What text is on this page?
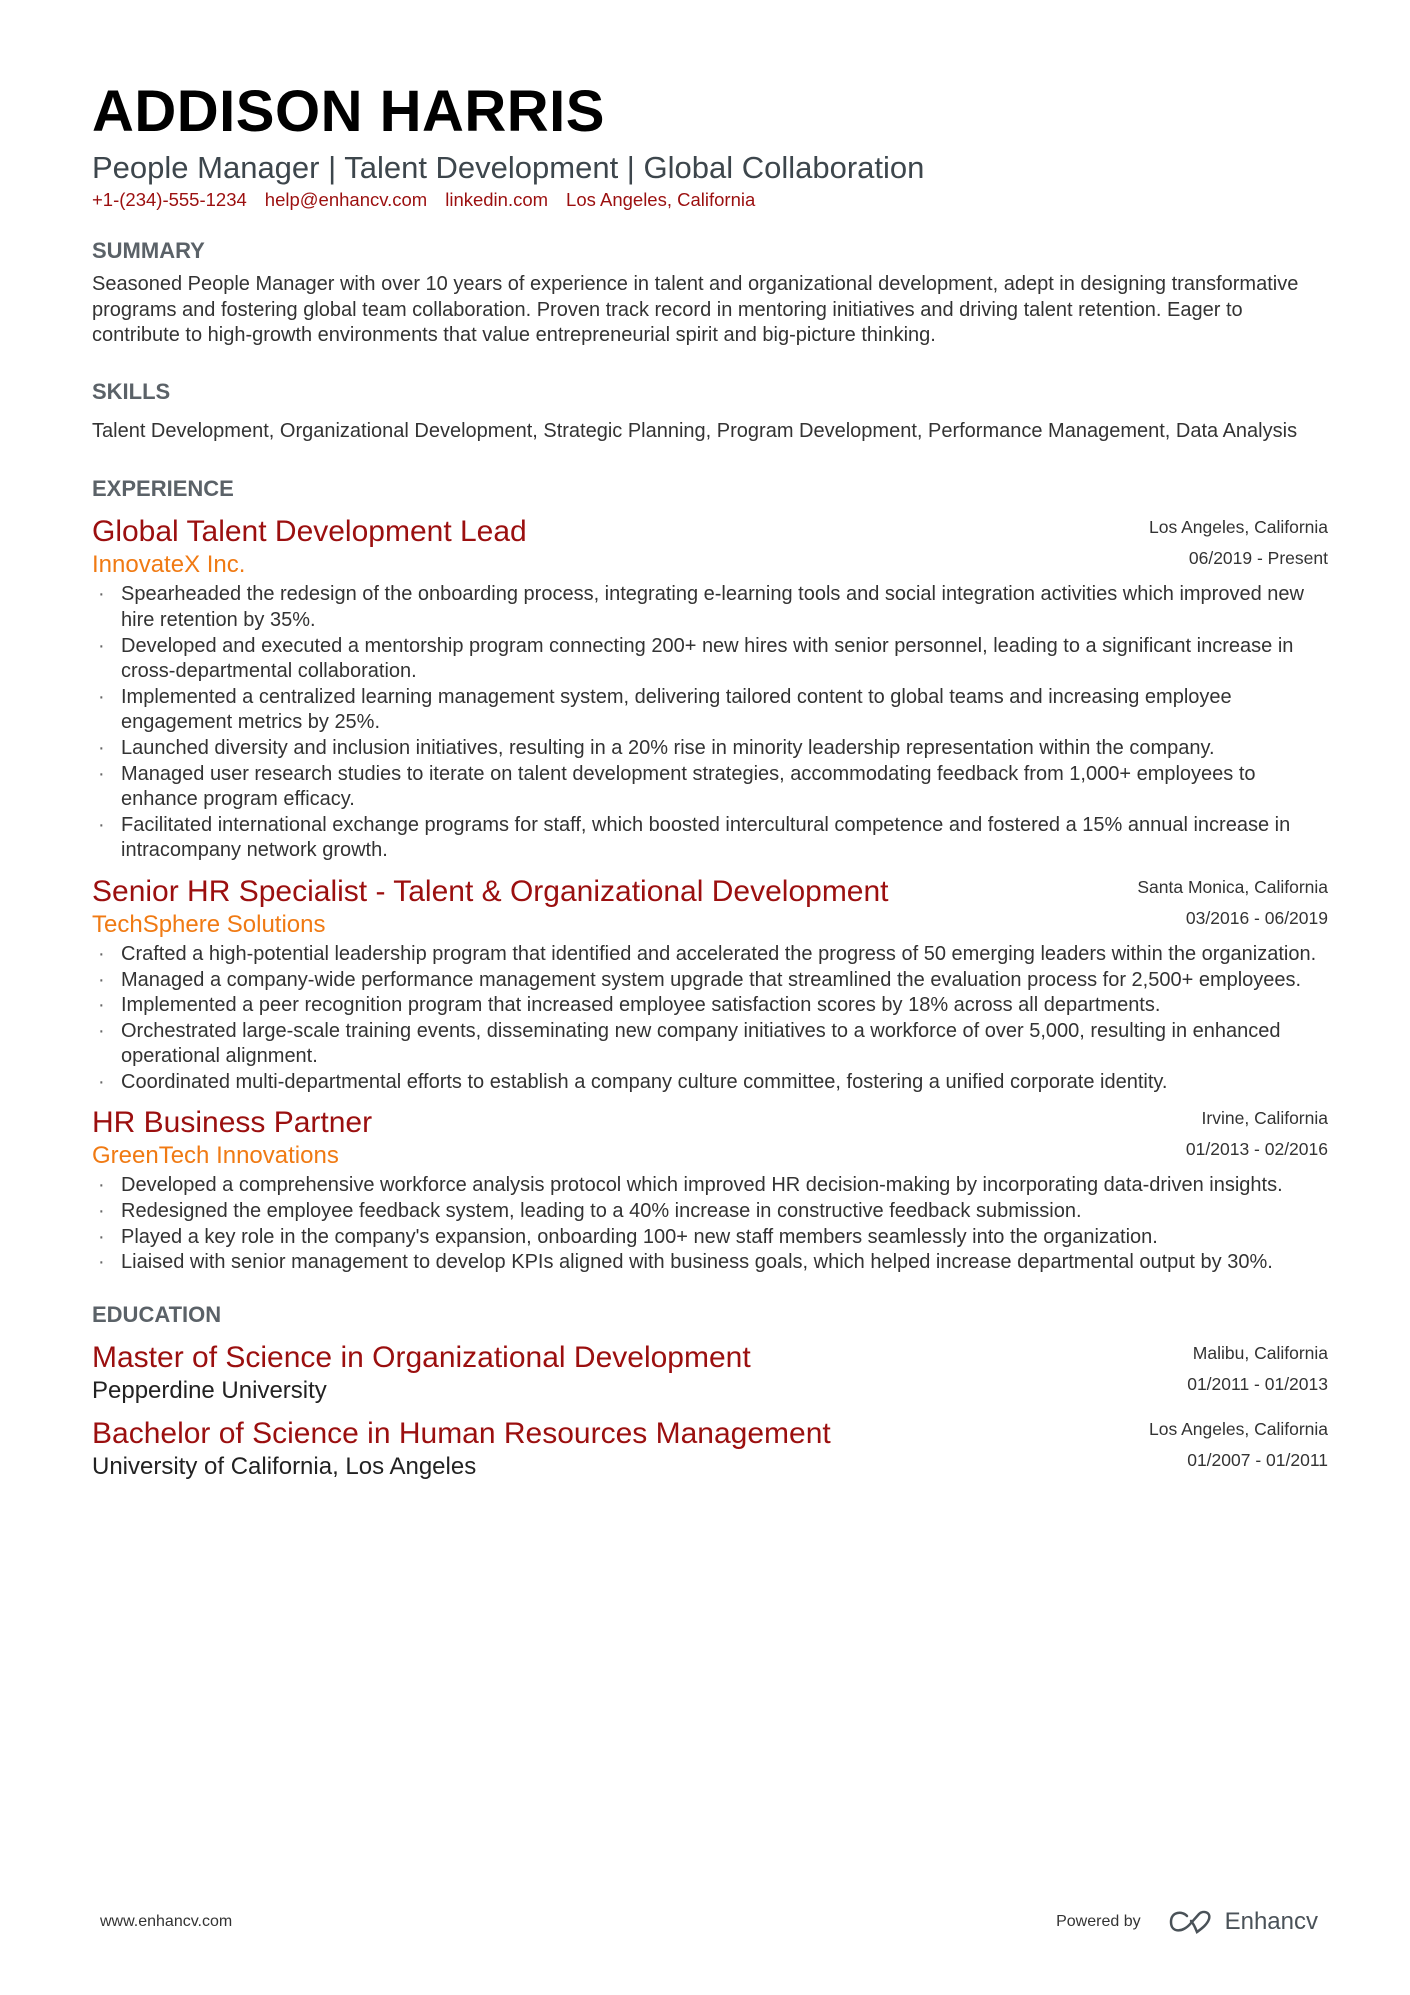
ADDISON HARRIS
People Manager | Talent Development | Global Collaboration
+1-(234)-555-1234 help@enhancv.com linkedin.com Los Angeles, California
SUMMARY
Seasoned People Manager with over 10 years of experience in talent and organizational development, adept in designing transformative programs and fostering global team collaboration. Proven track record in mentoring initiatives and driving talent retention. Eager to contribute to high-growth environments that value entrepreneurial spirit and big-picture thinking.
SKILLS
Talent Development, Organizational Development, Strategic Planning, Program Development, Performance Management, Data Analysis
EXPERIENCE
Global Talent Development Lead
InnovateX Inc.
Los Angeles, California
06/2019 - Present
· Spearheaded the redesign of the onboarding process, integrating e-learning tools and social integration activities which improved new hire retention by 35%.
· Developed and executed a mentorship program connecting 200+ new hires with senior personnel, leading to a significant increase in cross-departmental collaboration.
· Implemented a centralized learning management system, delivering tailored content to global teams and increasing employee engagement metrics by 25%.
· Launched diversity and inclusion initiatives, resulting in a 20% rise in minority leadership representation within the company.
· Managed user research studies to iterate on talent development strategies, accommodating feedback from 1,000+ employees to enhance program efficacy.
· Facilitated international exchange programs for staff, which boosted intercultural competence and fostered a 15% annual increase in intracompany network growth.
Senior HR Specialist - Talent & Organizational Development
TechSphere Solutions
Santa Monica, California
03/2016 - 06/2019
· Crafted a high-potential leadership program that identified and accelerated the progress of 50 emerging leaders within the organization.
· Managed a company-wide performance management system upgrade that streamlined the evaluation process for 2,500+ employees.
· Implemented a peer recognition program that increased employee satisfaction scores by 18% across all departments.
· Orchestrated large-scale training events, disseminating new company initiatives to a workforce of over 5,000, resulting in enhanced operational alignment.
· Coordinated multi-departmental efforts to establish a company culture committee, fostering a unified corporate identity.
HR Business Partner
GreenTech Innovations
Irvine, California
01/2013 - 02/2016
· Developed a comprehensive workforce analysis protocol which improved HR decision-making by incorporating data-driven insights.
· Redesigned the employee feedback system, leading to a 40% increase in constructive feedback submission.
· Played a key role in the company's expansion, onboarding 100+ new staff members seamlessly into the organization.
· Liaised with senior management to develop KPIs aligned with business goals, which helped increase departmental output by 30%.
EDUCATION
Master of Science in Organizational Development
Pepperdine University
Malibu, California
01/2011 - 01/2013
Bachelor of Science in Human Resources Management
University of California, Los Angeles
Los Angeles, California
01/2007 - 01/2011
www.enhancv.com	Powered by	Enhancv
